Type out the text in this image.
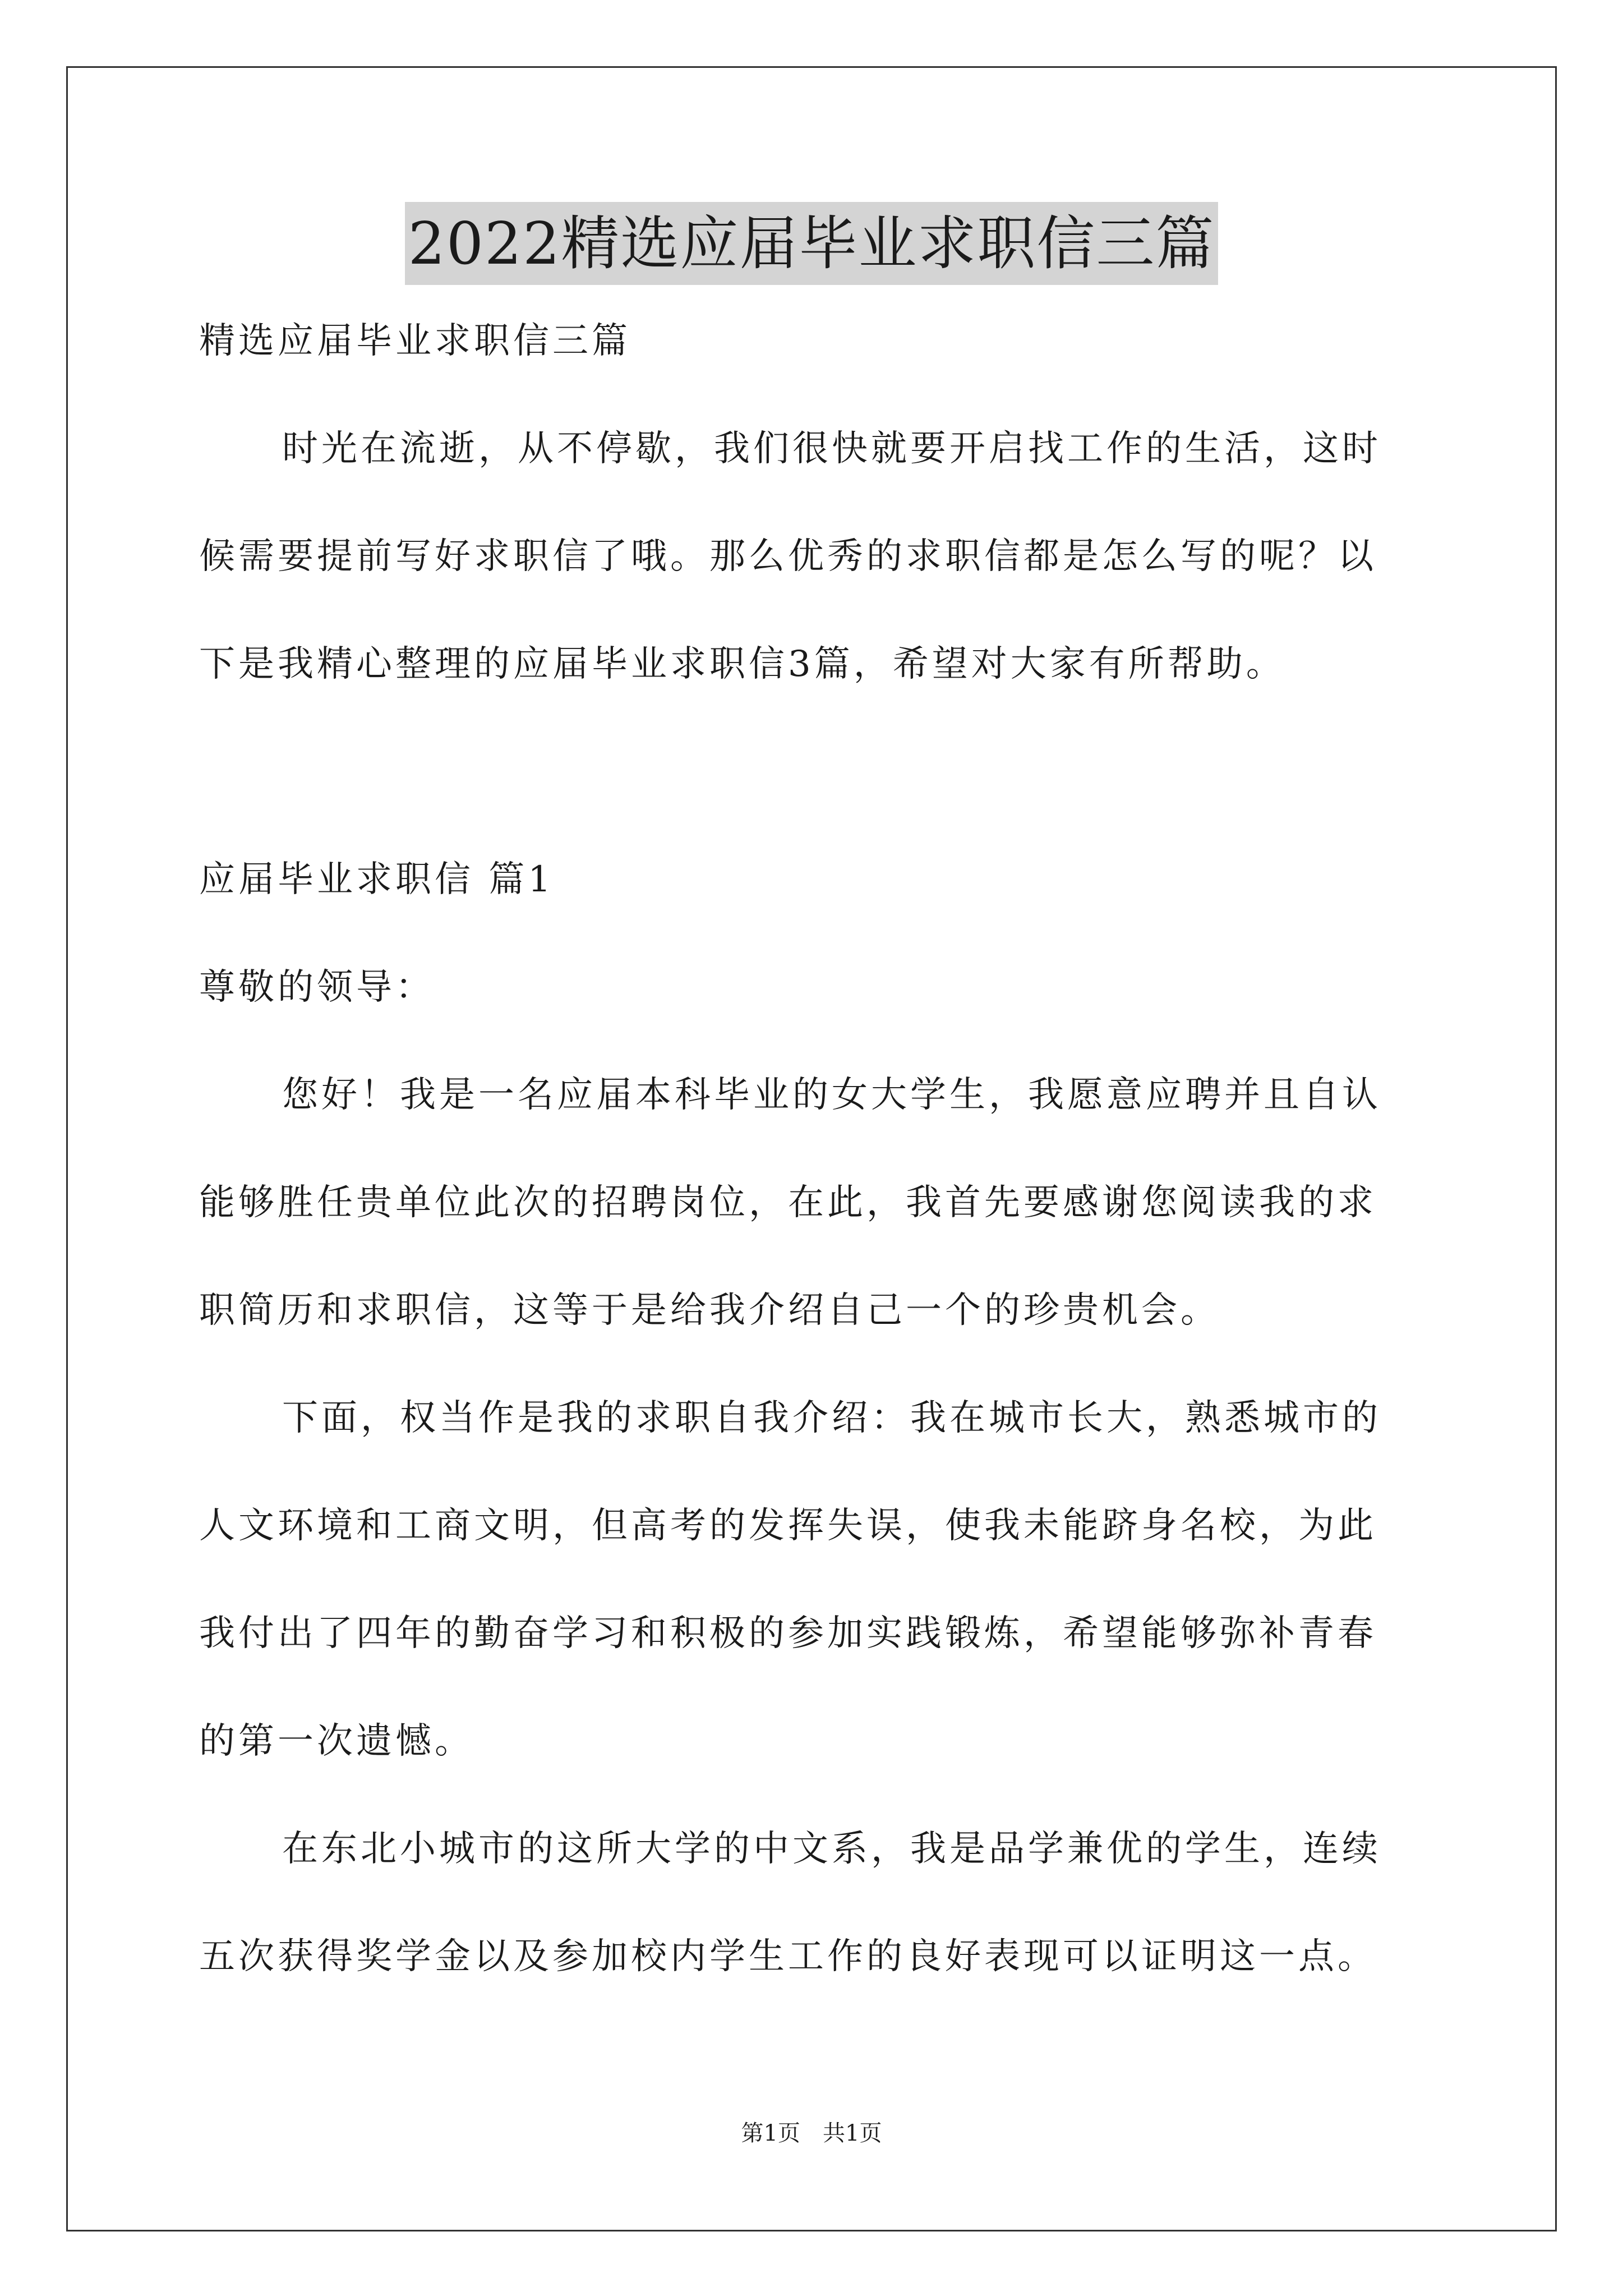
2022精选应届毕业求职信三篇

精选应届毕业求职信三篇

时光在流逝，从不停歇，我们很快就要开启找工作的生活，这时

候需要提前写好求职信了哦。那么优秀的求职信都是怎么写的呢？以

下是我精心整理的应届毕业求职信3篇，希望对大家有所帮助。

应届毕业求职信 篇1

尊敬的领导：

您好！我是一名应届本科毕业的女大学生，我愿意应聘并且自认

能够胜任贵单位此次的招聘岗位，在此，我首先要感谢您阅读我的求

职简历和求职信，这等于是给我介绍自己一个的珍贵机会。

下面，权当作是我的求职自我介绍：我在城市长大，熟悉城市的

人文环境和工商文明，但高考的发挥失误，使我未能跻身名校，为此

我付出了四年的勤奋学习和积极的参加实践锻炼，希望能够弥补青春

的第一次遗憾。

在东北小城市的这所大学的中文系，我是品学兼优的学生，连续

五次获得奖学金以及参加校内学生工作的良好表现可以证明这一点。

第1页　共1页
